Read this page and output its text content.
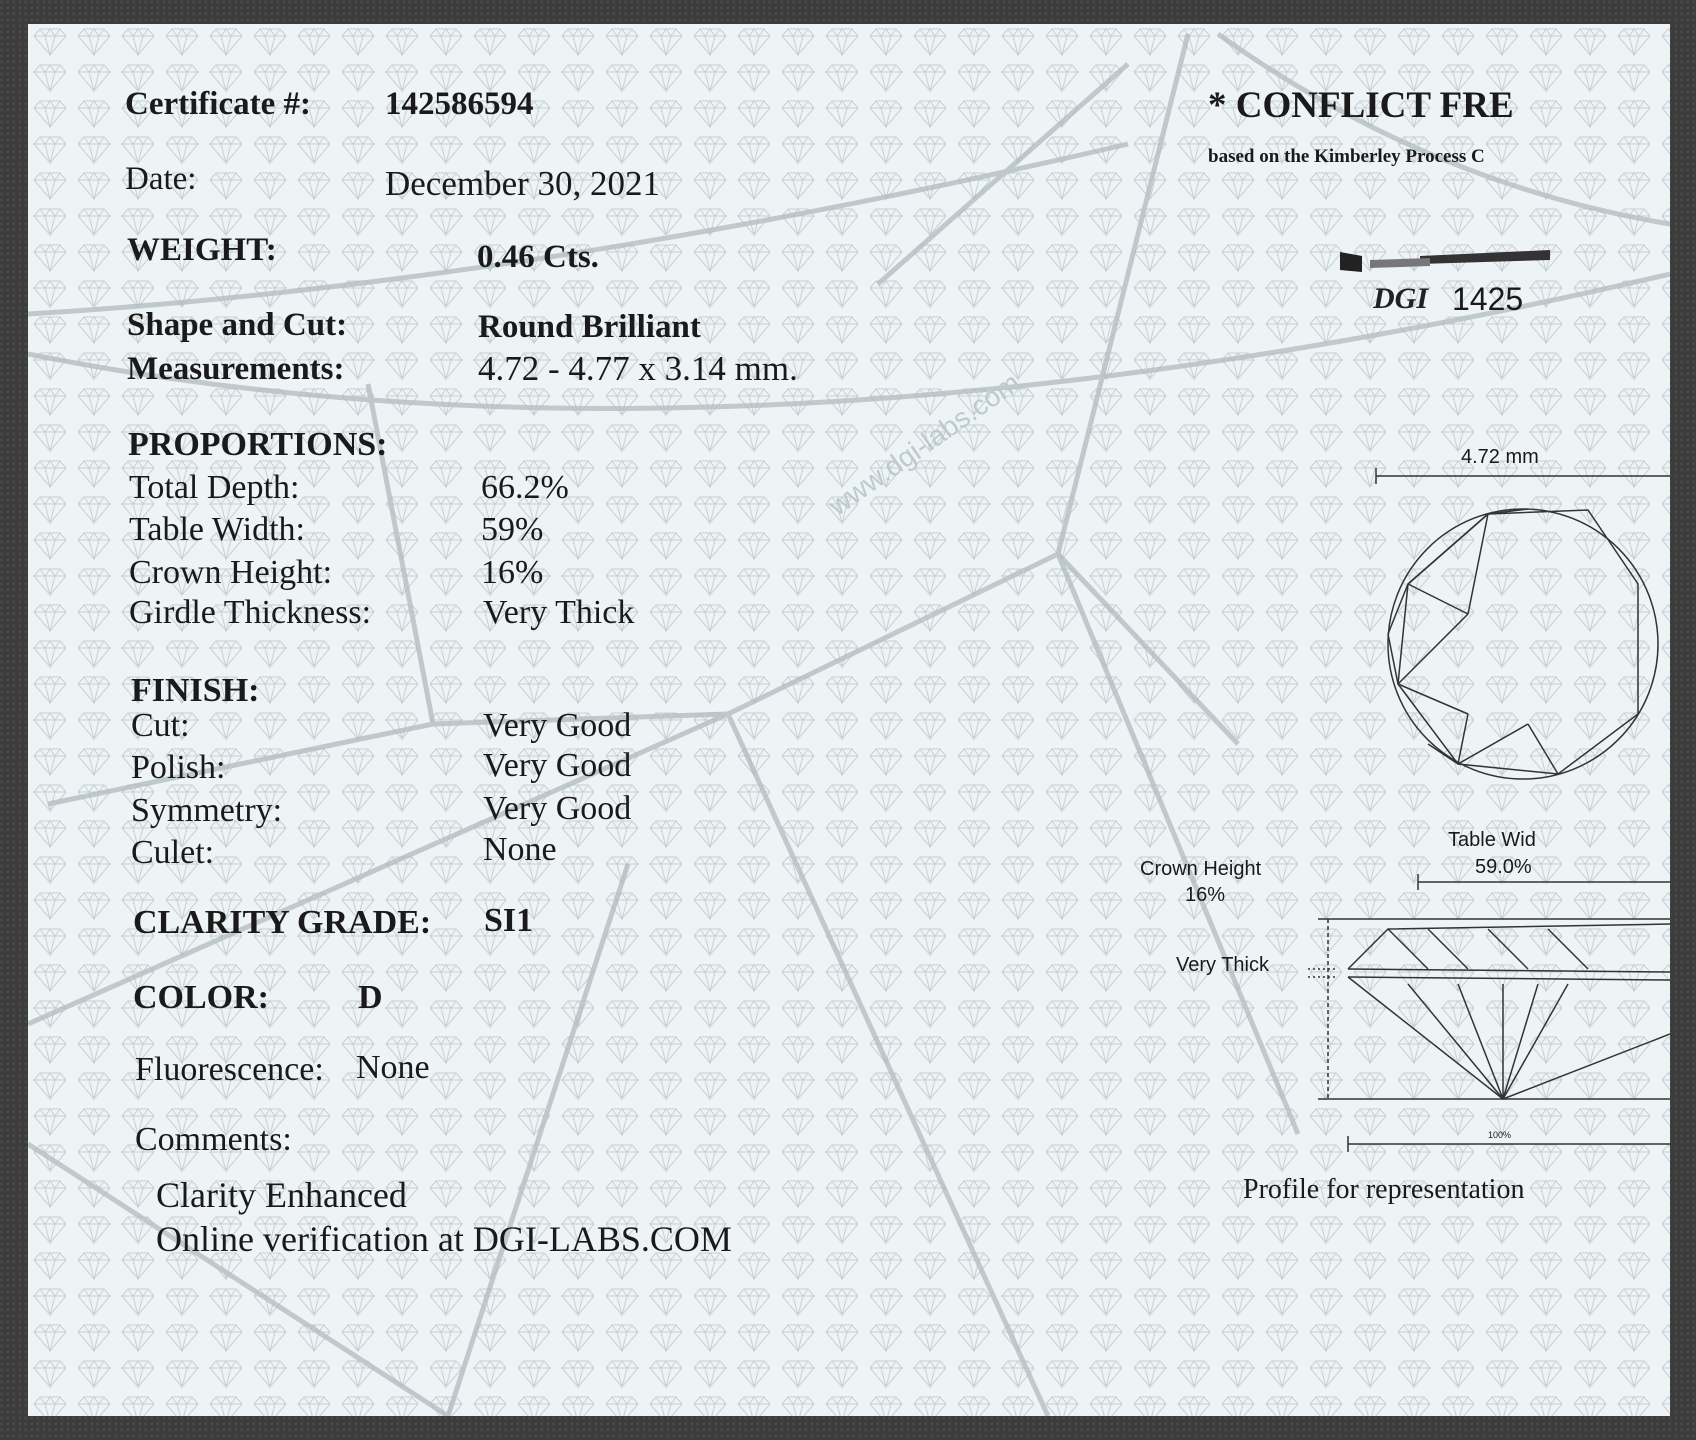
Certificate #: 142586594
Date:	December 30, 2021
WEIGHT:	0.46 Cts.
Shape and Cut:	Round Brilliant
Measurements:	4.72 - 4.77 x 3.14 mm.
PROPORTIONS:
Total Depth:	66.2%
Table Width:	59%
Crown Height:	16%
Girdle Thickness:	Very Thick
FINISH:
Cut:	Very Good
Polish:	Very Good
Symmetry:	Very Good
Culet:	None
CLARITY GRADE: SI1
COLOR:	D
Fluorescence: None
Comments:
Clarity Enhanced
Online verification at DGI-LABS.COM
www.dgi-labs.com
* CONFLICT FRE
based on the Kimberley Process C
DGI 1425
4.72 mm
Table Wid
59.0%
Crown Height
16%
Very Thick
100%
Profile for representation
